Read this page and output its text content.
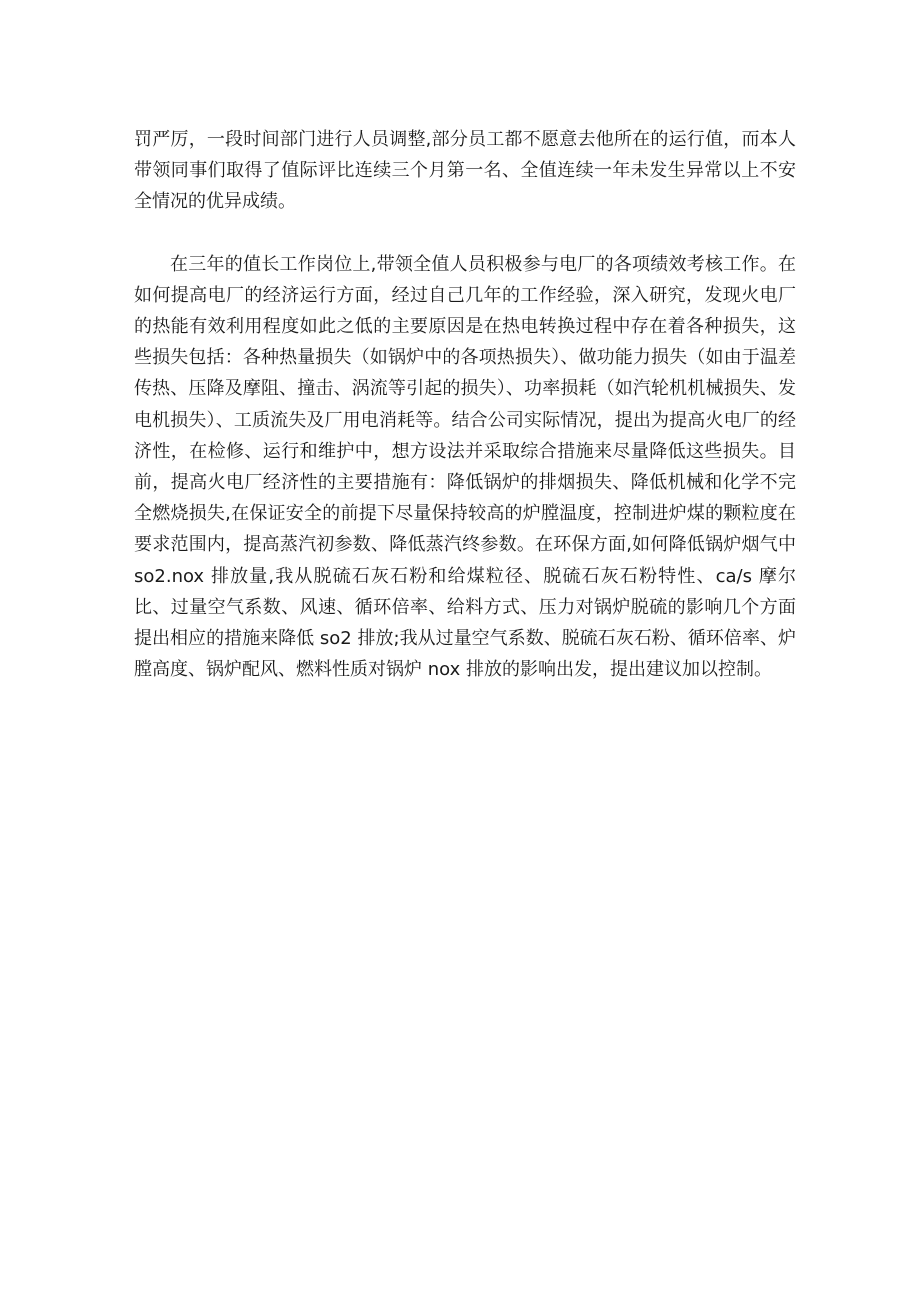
罚严厉，一段时间部门进行人员调整,部分员工都不愿意去他所在的运行值，而本人带领同事们取得了值际评比连续三个月第一名、全值连续一年未发生异常以上不安全情况的优异成绩。

在三年的值长工作岗位上,带领全值人员积极参与电厂的各项绩效考核工作。在如何提高电厂的经济运行方面，经过自己几年的工作经验，深入研究，发现火电厂的热能有效利用程度如此之低的主要原因是在热电转换过程中存在着各种损失，这些损失包括：各种热量损失（如锅炉中的各项热损失）、做功能力损失（如由于温差传热、压降及摩阻、撞击、涡流等引起的损失）、功率损耗（如汽轮机机械损失、发电机损失）、工质流失及厂用电消耗等。结合公司实际情况，提出为提高火电厂的经济性，在检修、运行和维护中，想方设法并采取综合措施来尽量降低这些损失。目前，提高火电厂经济性的主要措施有：降低锅炉的排烟损失、降低机械和化学不完全燃烧损失,在保证安全的前提下尽量保持较高的炉膛温度，控制进炉煤的颗粒度在要求范围内，提高蒸汽初参数、降低蒸汽终参数。在环保方面,如何降低锅炉烟气中 so2.nox 排放量,我从脱硫石灰石粉和给煤粒径、脱硫石灰石粉特性、ca/s 摩尔比、过量空气系数、风速、循环倍率、给料方式、压力对锅炉脱硫的影响几个方面提出相应的措施来降低 so2 排放;我从过量空气系数、脱硫石灰石粉、循环倍率、炉膛高度、锅炉配风、燃料性质对锅炉 nox 排放的影响出发，提出建议加以控制。
